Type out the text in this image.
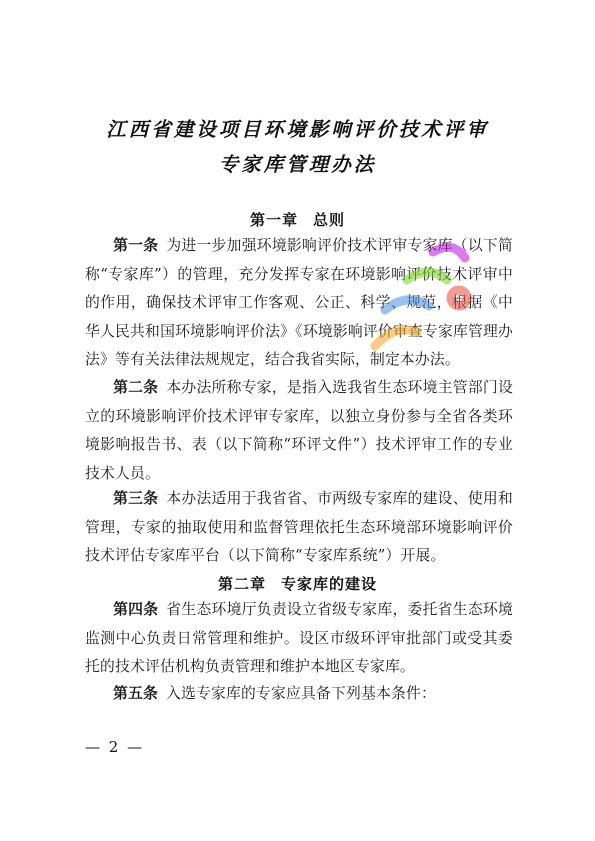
江西省建设项目环境影响评价技术评审
专家库管理办法
第一章 总则
第一条 为进一步加强环境影响评价技术评审专家库（以下简称“专家库”）的管理，充分发挥专家在环境影响评价技术评审中的作用，确保技术评审工作客观、公正、科学、规范，根据《中华人民共和国环境影响评价法》《环境影响评价审查专家库管理办法》等有关法律法规规定，结合我省实际，制定本办法。
第二条 本办法所称专家，是指入选我省生态环境主管部门设立的环境影响评价技术评审专家库，以独立身份参与全省各类环境影响报告书、表（以下简称“环评文件”）技术评审工作的专业技术人员。
第三条 本办法适用于我省省、市两级专家库的建设、使用和管理，专家的抽取使用和监督管理依托生态环境部环境影响评价技术评估专家库平台（以下简称“专家库系统”）开展。
第二章 专家库的建设
第四条 省生态环境厅负责设立省级专家库，委托省生态环境监测中心负责日常管理和维护。设区市级环评审批部门或受其委托的技术评估机构负责管理和维护本地区专家库。
第五条 入选专家库的专家应具备下列基本条件：
— 2 —
